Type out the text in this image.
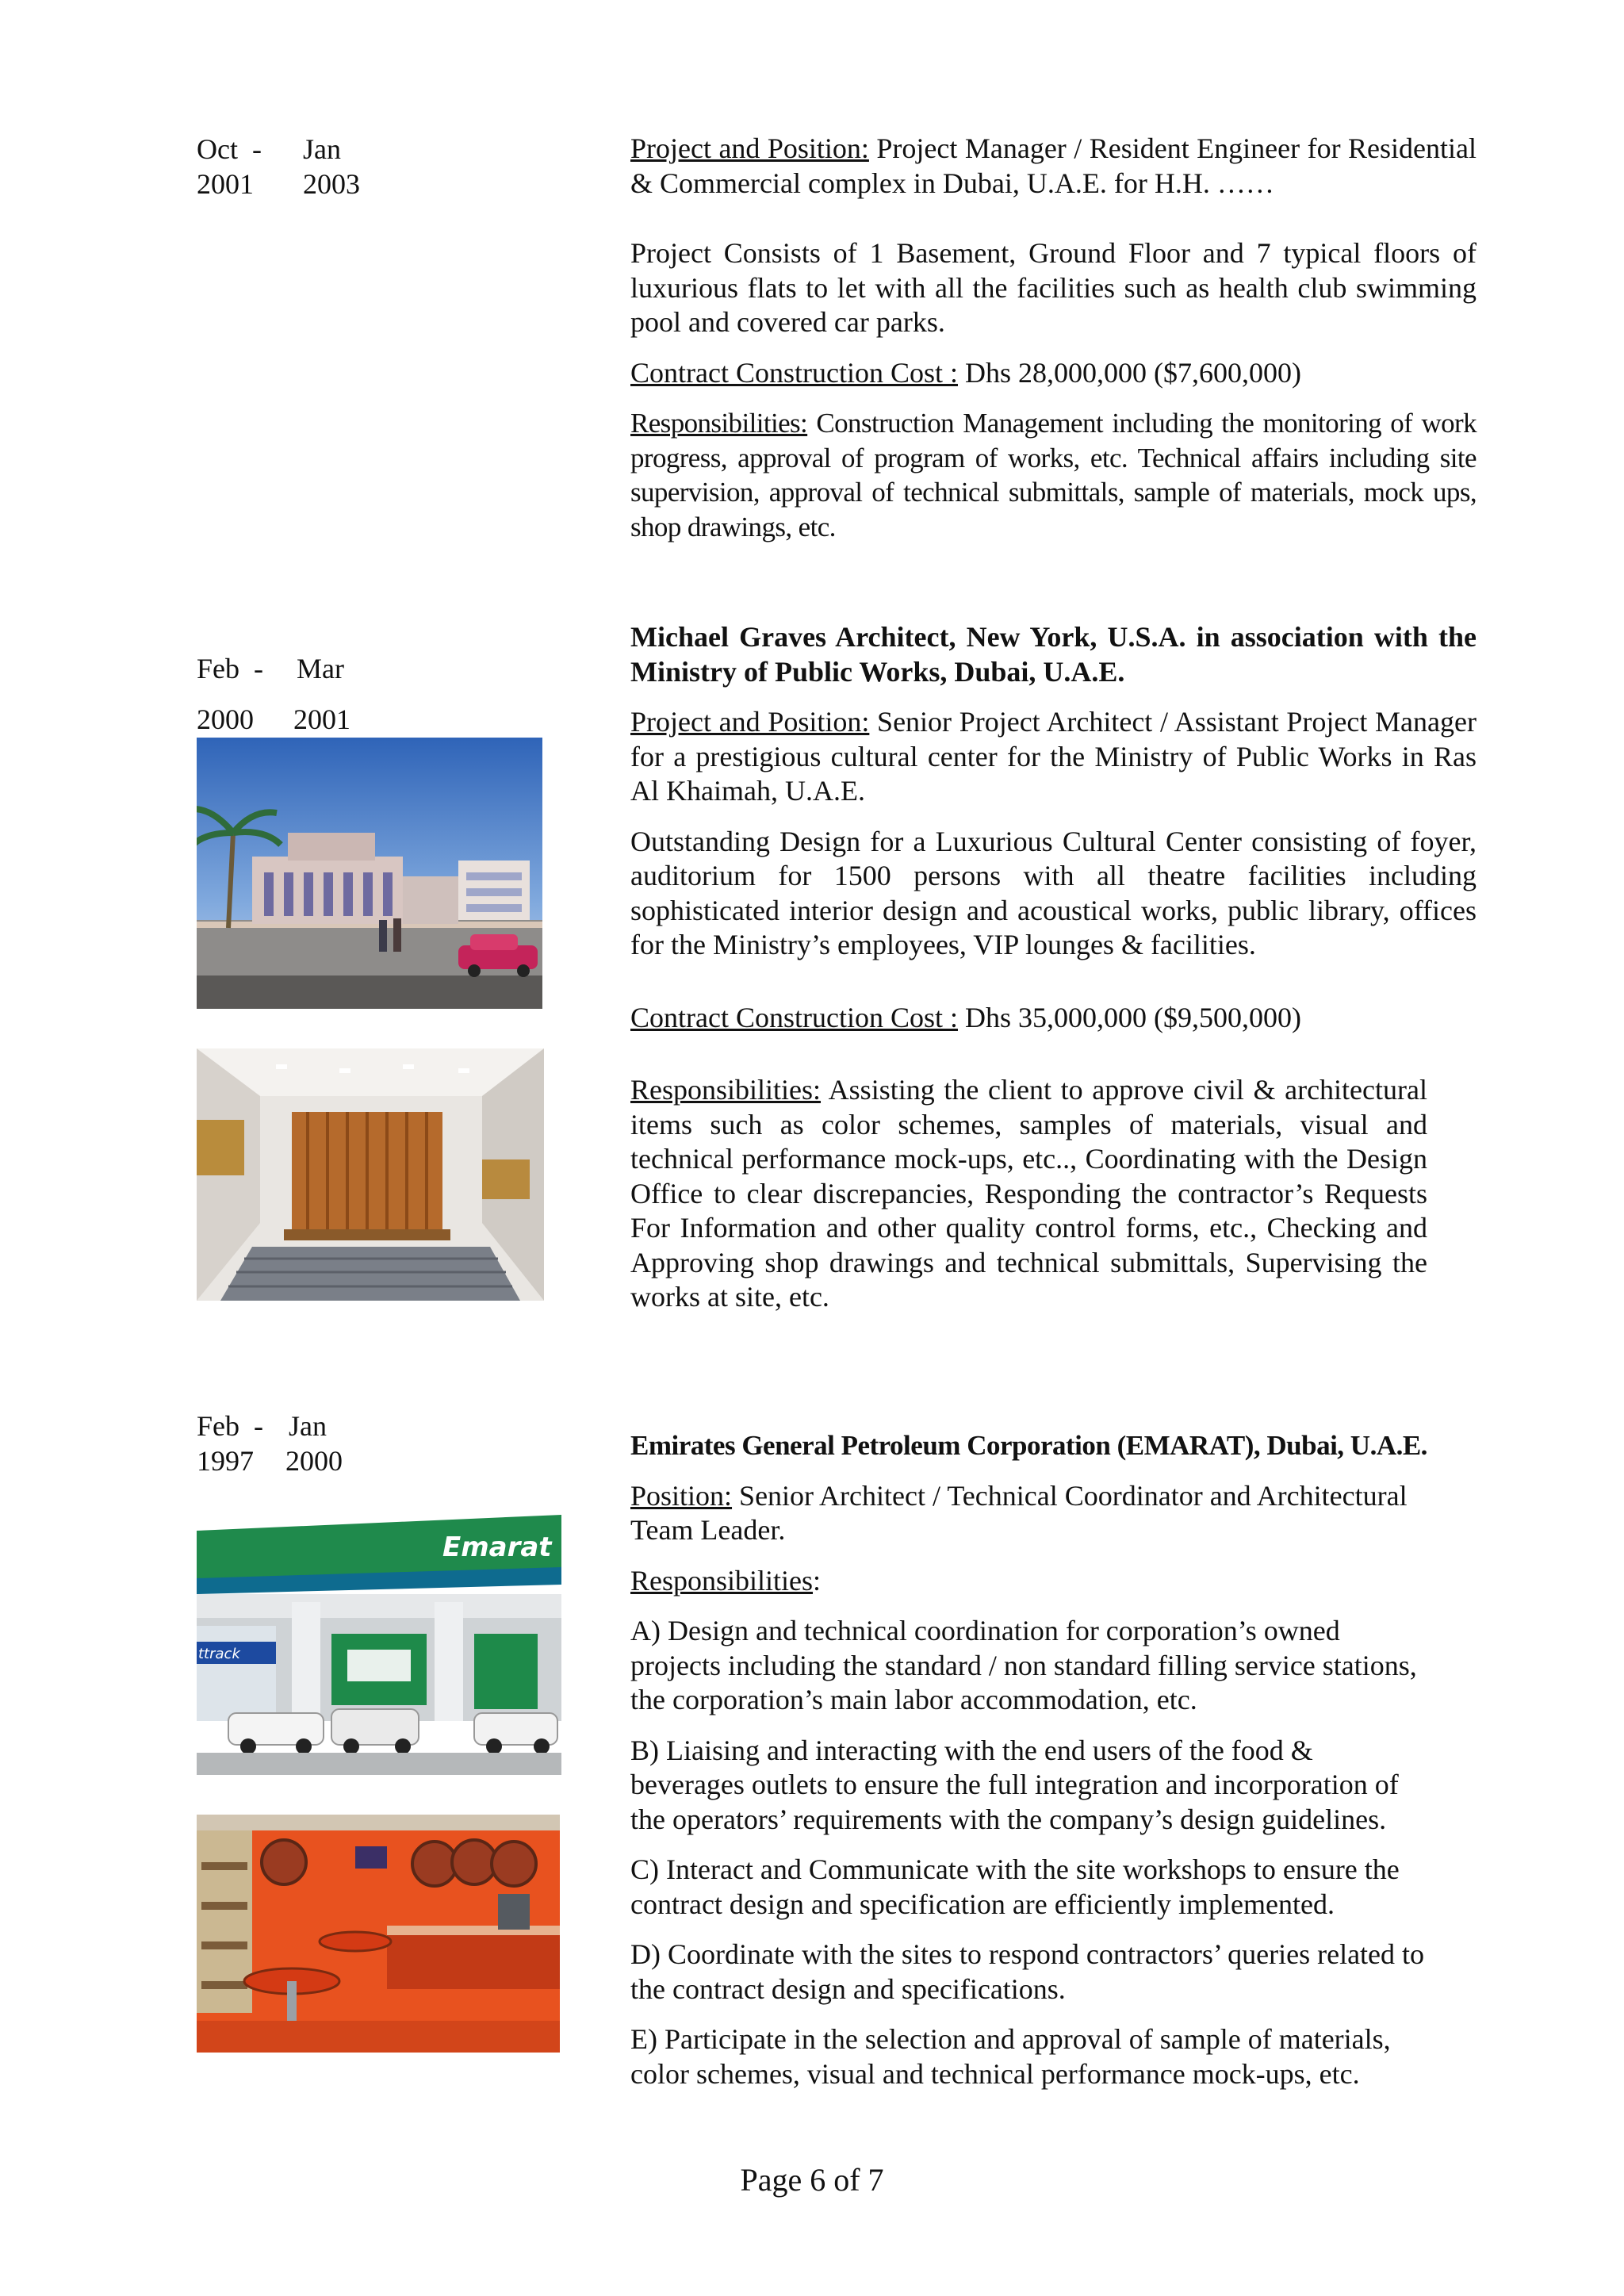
Oct  -	Jan
2001	2003

Project and Position: Project Manager / Resident Engineer for Residential & Commercial complex in Dubai, U.A.E. for H.H. ……

Project Consists of 1 Basement, Ground Floor and 7 typical floors of luxurious flats to let with all the facilities such as health club swimming pool and covered car parks.

Contract Construction Cost : Dhs 28,000,000 ($7,600,000)

Responsibilities: Construction Management including the monitoring of work progress, approval of program of works, etc. Technical affairs including site supervision, approval of technical submittals, sample of materials, mock ups, shop drawings, etc.

Feb  -	Mar
2000	2001

Michael Graves Architect, New York, U.S.A. in association with the Ministry of Public Works, Dubai, U.A.E.

Project and Position: Senior Project Architect / Assistant Project Manager for a prestigious cultural center for the Ministry of Public Works in Ras Al Khaimah, U.A.E.

Outstanding Design for a Luxurious Cultural Center consisting of foyer, auditorium for 1500 persons with all theatre facilities including sophisticated interior design and acoustical works, public library, offices for the Ministry’s employees, VIP lounges & facilities.

Contract Construction Cost : Dhs 35,000,000 ($9,500,000)

Responsibilities: Assisting the client to approve civil & architectural items such as color schemes, samples of materials, visual and technical performance mock-ups, etc.., Coordinating with the Design Office to clear discrepancies, Responding the contractor’s Requests For Information and other quality control forms, etc., Checking and Approving shop drawings and technical submittals, Supervising the works at site, etc.

Feb  - Jan
1997	2000
Emarat
ttrack

Emirates General Petroleum Corporation (EMARAT), Dubai, U.A.E.

Position: Senior Architect / Technical Coordinator and Architectural Team Leader.

Responsibilities:

A) Design and technical coordination for corporation’s owned projects including the standard / non standard filling service stations, the corporation’s main labor accommodation, etc.

B) Liaising and interacting with the end users of the food & beverages outlets to ensure the full integration and incorporation of the operators’ requirements with the company’s design guidelines.

C) Interact and Communicate with the site workshops to ensure the contract design and specification are efficiently implemented.

D) Coordinate with the sites to respond contractors’ queries related to the contract design and specifications.

E) Participate in the selection and approval of sample of materials, color schemes, visual and technical performance mock-ups, etc.

Page 6 of 7
